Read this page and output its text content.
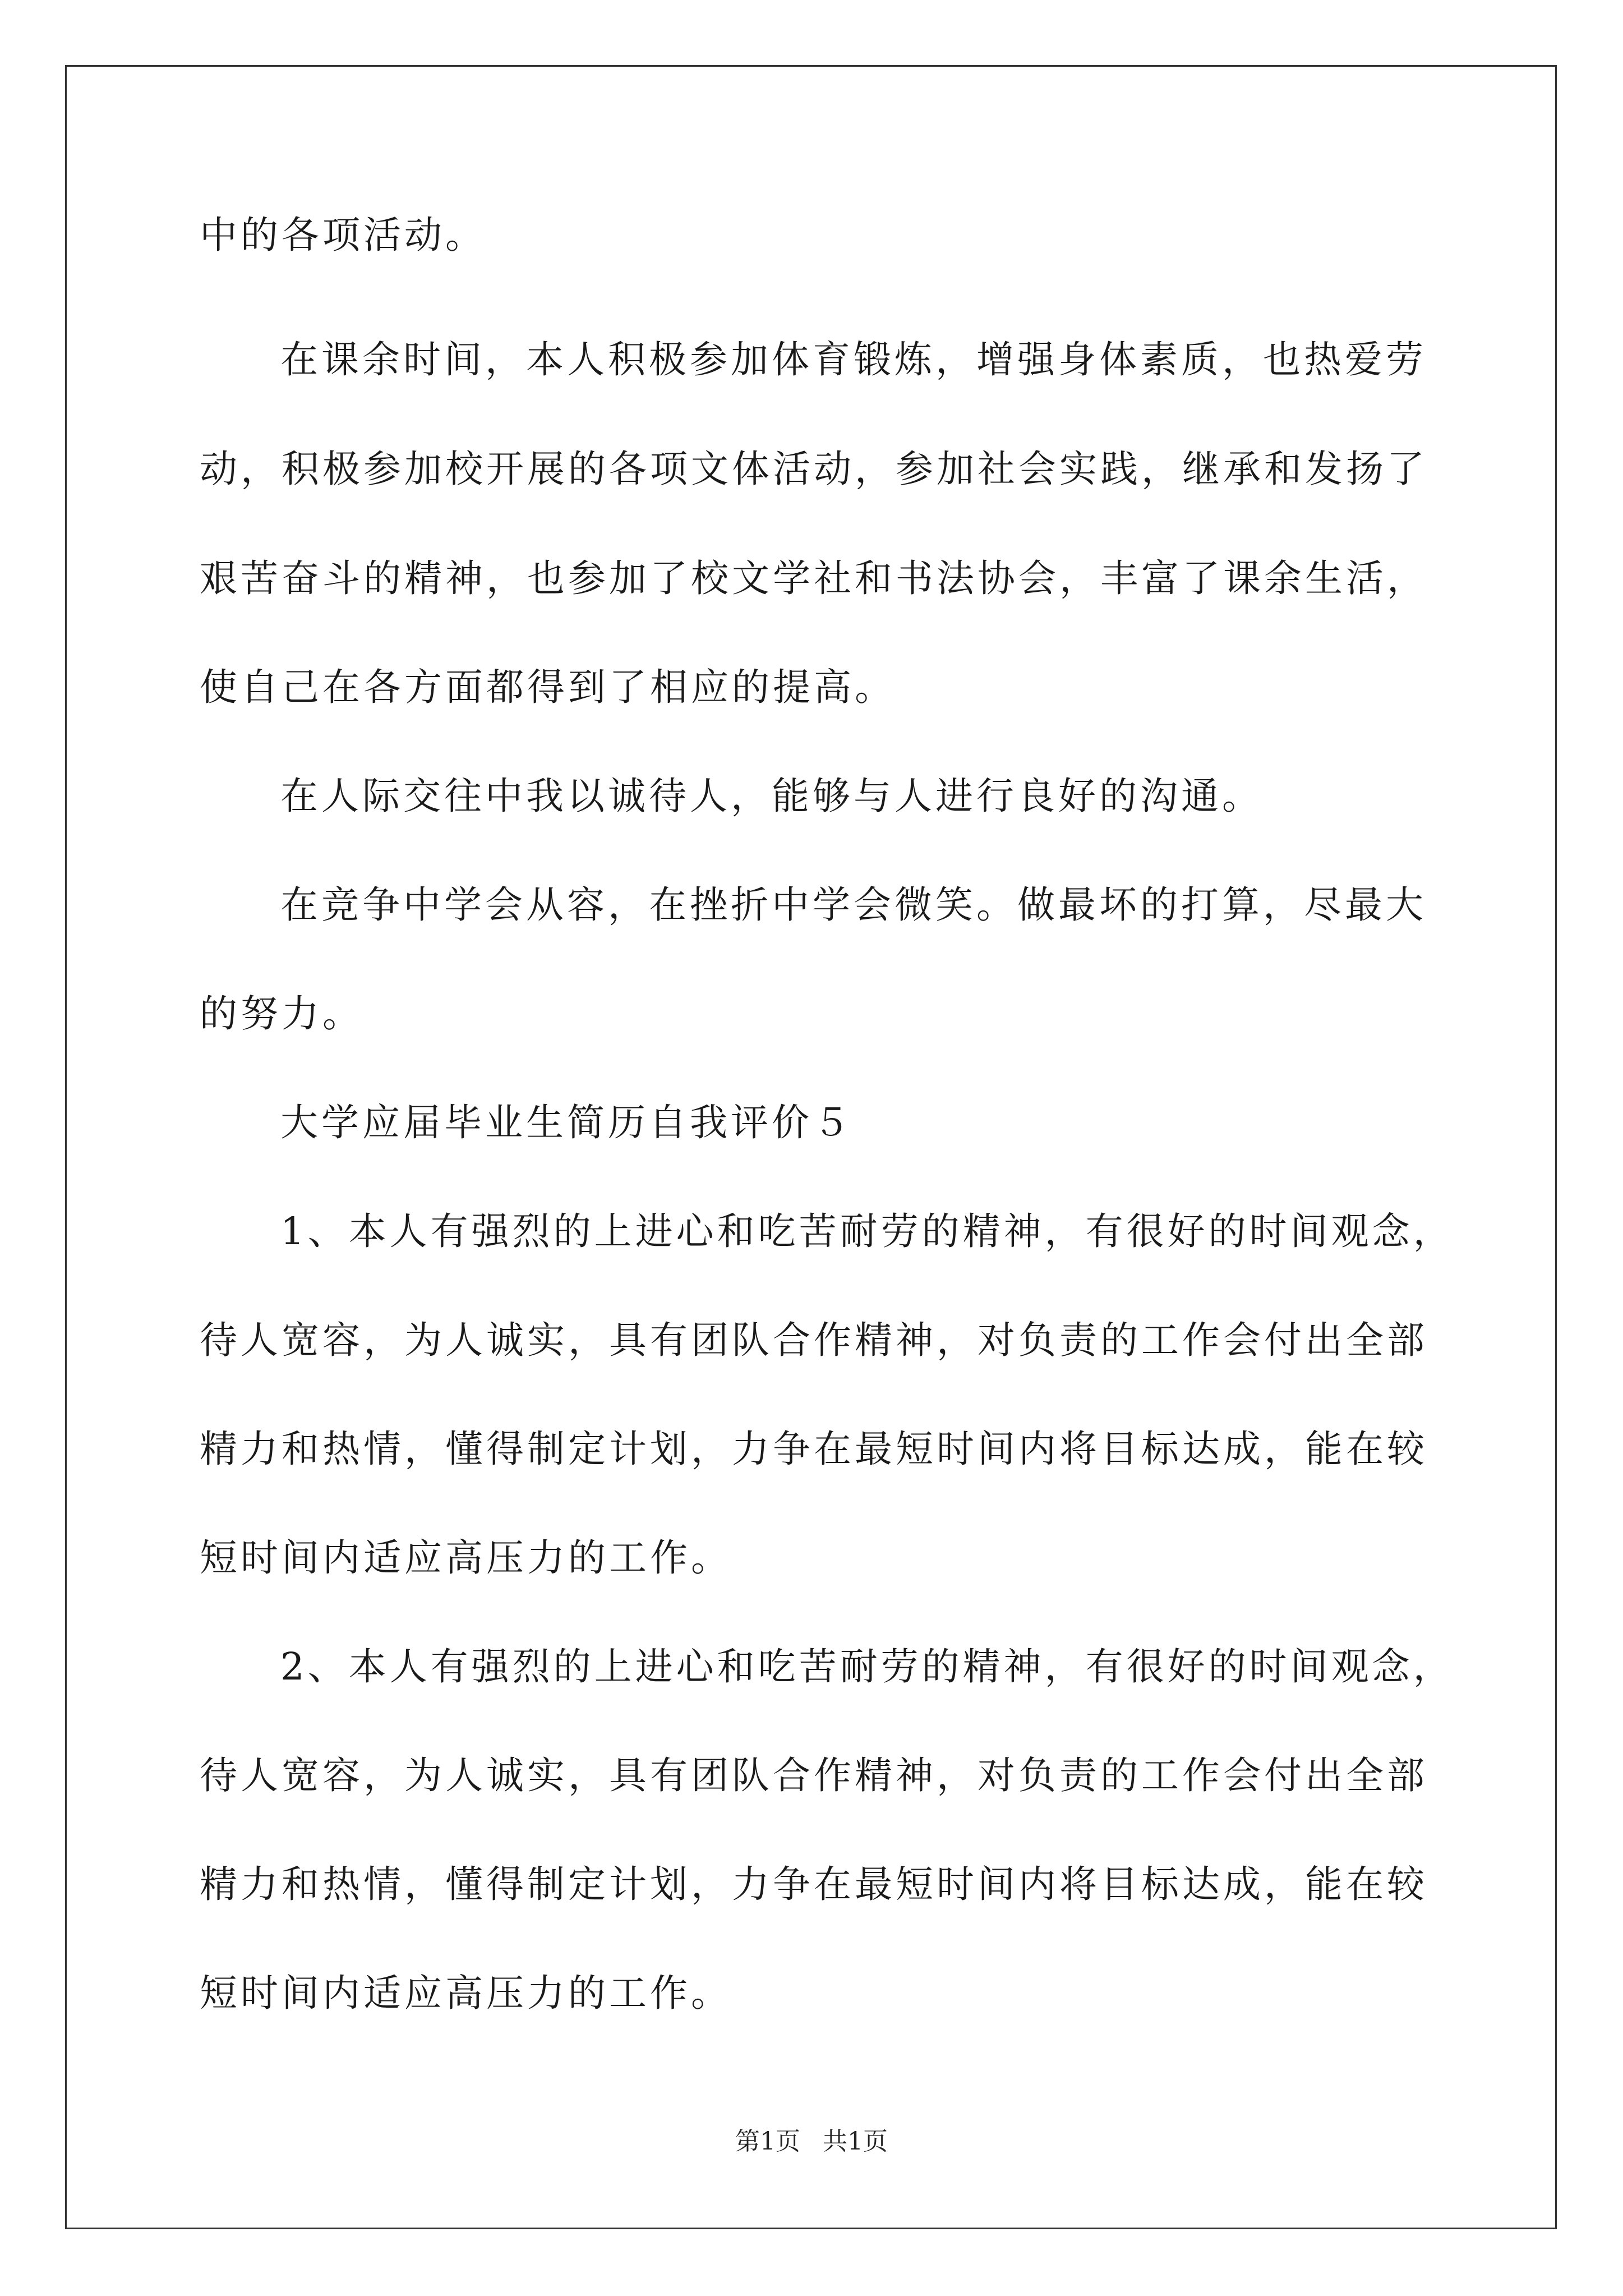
中的各项活动。
在课余时间，本人积极参加体育锻炼，增强身体素质，也热爱劳
动，积极参加校开展的各项文体活动，参加社会实践，继承和发扬了
艰苦奋斗的精神，也参加了校文学社和书法协会，丰富了课余生活，
使自己在各方面都得到了相应的提高。
在人际交往中我以诚待人，能够与人进行良好的沟通。
在竞争中学会从容，在挫折中学会微笑。做最坏的打算，尽最大
的努力。
大学应届毕业生简历自我评价５
1、本人有强烈的上进心和吃苦耐劳的精神，有很好的时间观念，
待人宽容，为人诚实，具有团队合作精神，对负责的工作会付出全部
精力和热情，懂得制定计划，力争在最短时间内将目标达成，能在较
短时间内适应高压力的工作。
2、本人有强烈的上进心和吃苦耐劳的精神，有很好的时间观念，
待人宽容，为人诚实，具有团队合作精神，对负责的工作会付出全部
精力和热情，懂得制定计划，力争在最短时间内将目标达成，能在较
短时间内适应高压力的工作。
第1页 共1页
